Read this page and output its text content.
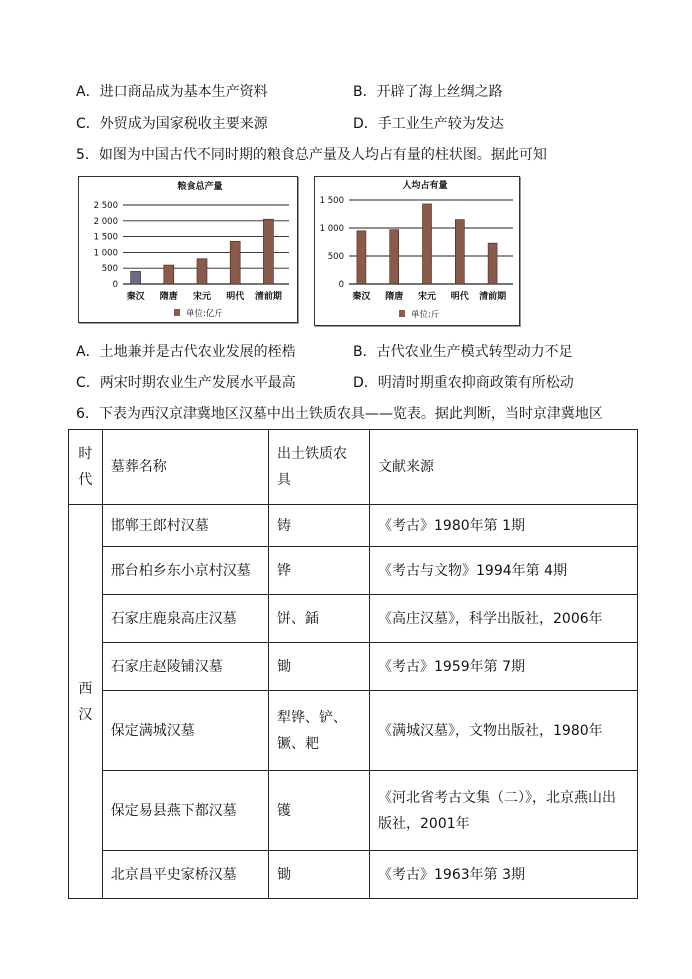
A．进口商品成为基本生产资料	B．开辟了海上丝绸之路
C．外贸成为国家税收主要来源	D．手工业生产较为发达
5．如图为中国古代不同时期的粮食总产量及人均占有量的柱状图。据此可知
粮食总产量
0
500
1 000
1 500
2 000
2 500
秦汉 隋唐 宋元 明代 清前期
单位:亿斤
人均占有量
0
500
1 000
1 500
秦汉 隋唐 宋元 明代 清前期
单位:斤
A．土地兼并是古代农业发展的桎梏	B．古代农业生产模式转型动力不足
C．两宋时期农业生产发展水平最高	D．明清时期重农抑商政策有所松动
6．下表为西汉京津冀地区汉墓中出土铁质农具——览表。据此判断，当时京津冀地区
时代	墓葬名称	出土铁质农具	文献来源
西汉	邯郸王郎村汉墓	铸	《考古》1980年第 1期
	邢台柏乡东小京村汉墓	铧	《考古与文物》1994年第 4期
	石家庄鹿泉高庄汉墓	饼、鍤	《高庄汉墓》，科学出版社，2006年
	石家庄赵陵铺汉墓	锄	《考古》1959年第 7期
	保定满城汉墓	犁铧、铲、镢、耙	《满城汉墓》，文物出版社，1980年
	保定易县燕下都汉墓	镬	《河北省考古文集（二）》，北京燕山出版社，2001年
	北京昌平史家桥汉墓	锄	《考古》1963年第 3期
